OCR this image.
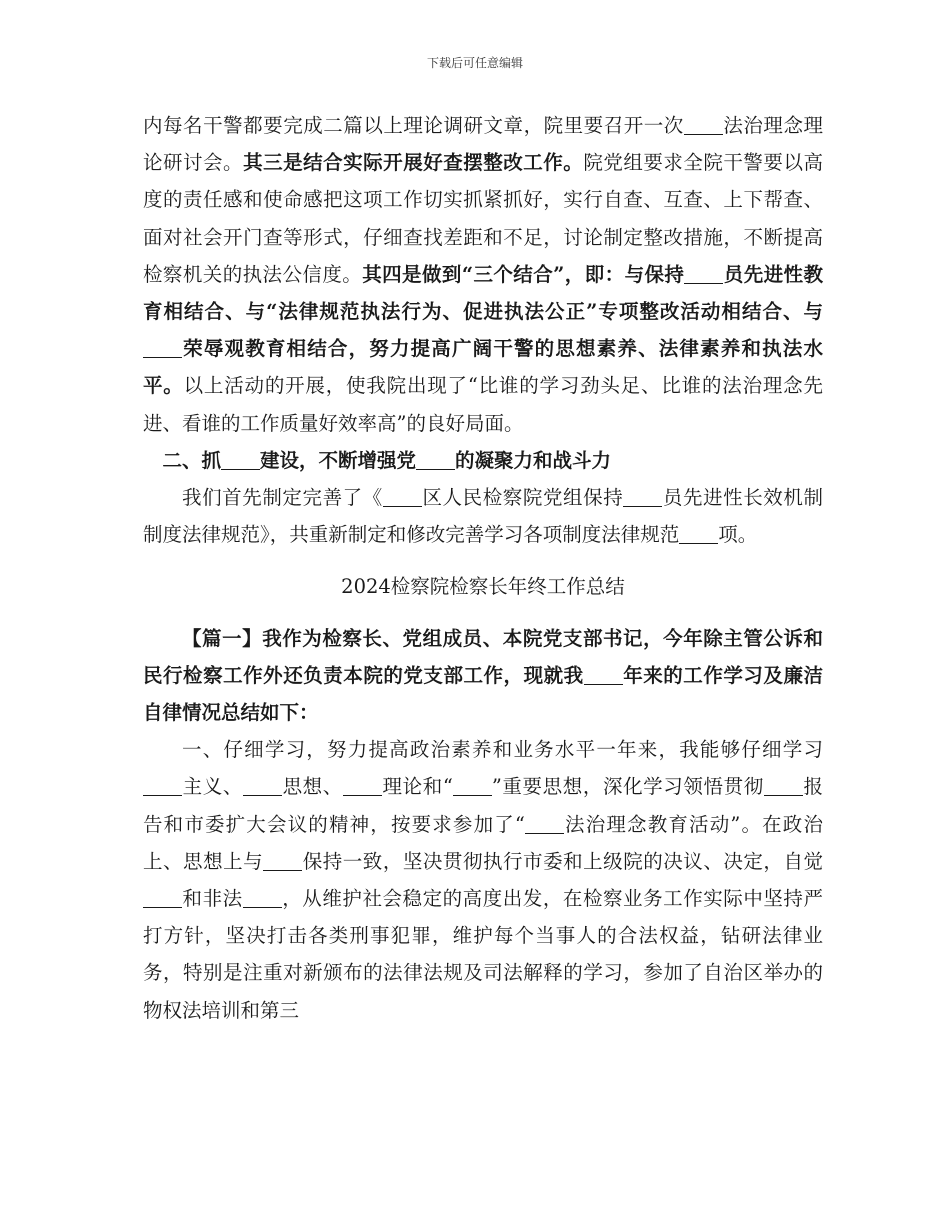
下载后可任意编辑

内每名干警都要完成二篇以上理论调研文章，院里要召开一次 法治理念理论研讨会。其三是结合实际开展好查摆整改工作。院党组要求全院干警要以高度的责任感和使命感把这项工作切实抓紧抓好，实行自查、互查、上下帮查、面对社会开门查等形式，仔细查找差距和不足，讨论制定整改措施，不断提高检察机关的执法公信度。其四是做到“三个结合”，即：与保持 员先进性教育相结合、与“法律规范执法行为、促进执法公正”专项整改活动相结合、与荣辱观教育相结合，努力提高广阔干警的思想素养、法律素养和执法水平。以上活动的开展，使我院出现了“比谁的学习劲头足、比谁的法治理念先进、看谁的工作质量好效率高”的良好局面。

二、抓 建设，不断增强党 的凝聚力和战斗力

我们首先制定完善了《 区人民检察院党组保持 员先进性长效机制制度法律规范》，共重新制定和修改完善学习各项制度法律规范 项。

2024检察院检察长年终工作总结

【篇一】我作为检察长、党组成员、本院党支部书记，今年除主管公诉和民行检察工作外还负责本院的党支部工作，现就我 年来的工作学习及廉洁自律情况总结如下：

一、仔细学习，努力提高政治素养和业务水平一年来，我能够仔细学习主义、 思想、 理论和“ ”重要思想，深化学习领悟贯彻 报告和市委扩大会议的精神，按要求参加了“ 法治理念教育活动”。在政治上、思想上与 保持一致，坚决贯彻执行市委和上级院的决议、决定，自觉和非法 ，从维护社会稳定的高度出发，在检察业务工作实际中坚持严打方针，坚决打击各类刑事犯罪，维护每个当事人的合法权益，钻研法律业务，特别是注重对新颁布的法律法规及司法解释的学习，参加了自治区举办的物权法培训和第三
